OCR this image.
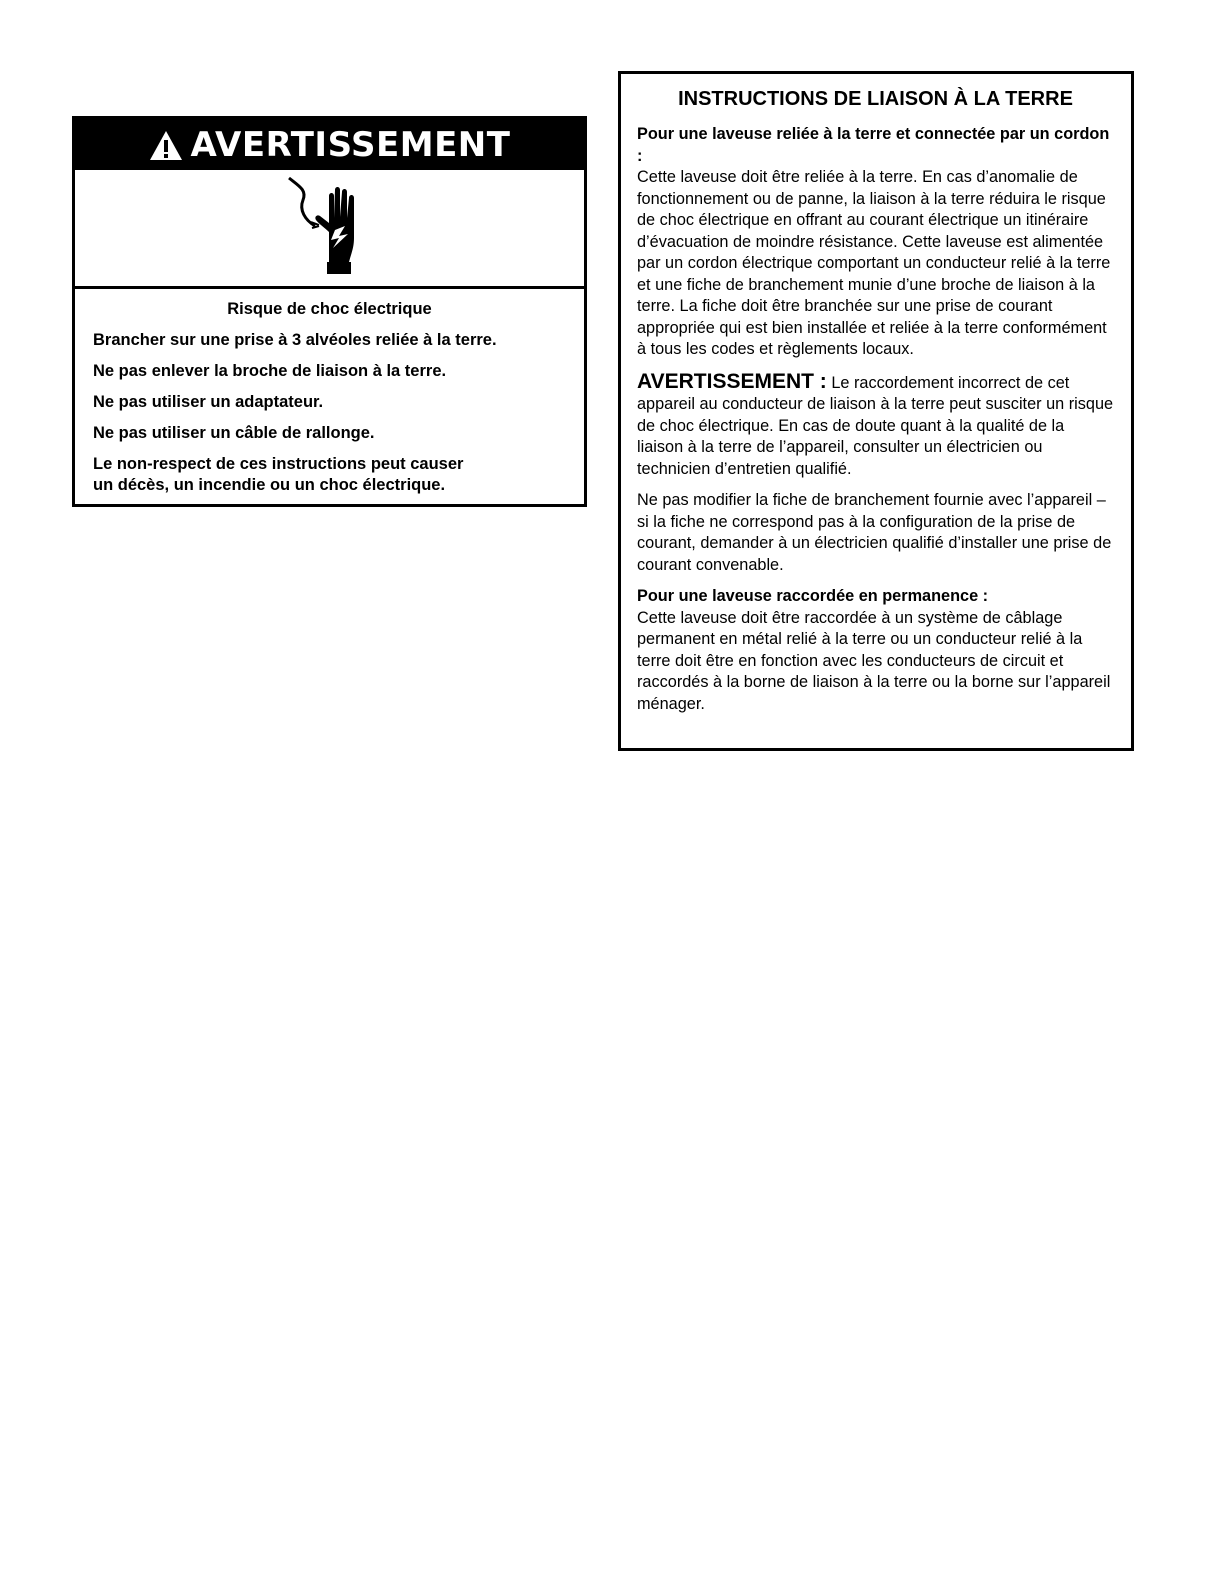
AVERTISSEMENT

Risque de choc électrique

Brancher sur une prise à 3 alvéoles reliée à la terre.

Ne pas enlever la broche de liaison à la terre.

Ne pas utiliser un adaptateur.

Ne pas utiliser un câble de rallonge.

Le non-respect de ces instructions peut causer

un décès, un incendie ou un choc électrique.

INSTRUCTIONS DE LIAISON À LA TERRE

Pour une laveuse reliée à la terre et connectée par un cordon :

Cette laveuse doit être reliée à la terre. En cas d’anomalie de fonctionnement ou de panne, la liaison à la terre réduira le risque de choc électrique en offrant au courant électrique un itinéraire d’évacuation de moindre résistance. Cette laveuse est alimentée par un cordon électrique comportant un conducteur relié à la terre et une fiche de branchement munie d’une broche de liaison à la terre. La fiche doit être branchée sur une prise de courant appropriée qui est bien installée et reliée à la terre conformément à tous les codes et règlements locaux.

AVERTISSEMENT : Le raccordement incorrect de cet appareil au conducteur de liaison à la terre peut susciter un risque de choc électrique. En cas de doute quant à la qualité de la liaison à la terre de l’appareil, consulter un électricien ou technicien d’entretien qualifié.

Ne pas modifier la fiche de branchement fournie avec l’appareil – si la fiche ne correspond pas à la configuration de la prise de courant, demander à un électricien qualifié d’installer une prise de courant convenable.

Pour une laveuse raccordée en permanence :

Cette laveuse doit être raccordée à un système de câblage permanent en métal relié à la terre ou un conducteur relié à la terre doit être en fonction avec les conducteurs de circuit et raccordés à la borne de liaison à la terre ou la borne sur l’appareil ménager.
